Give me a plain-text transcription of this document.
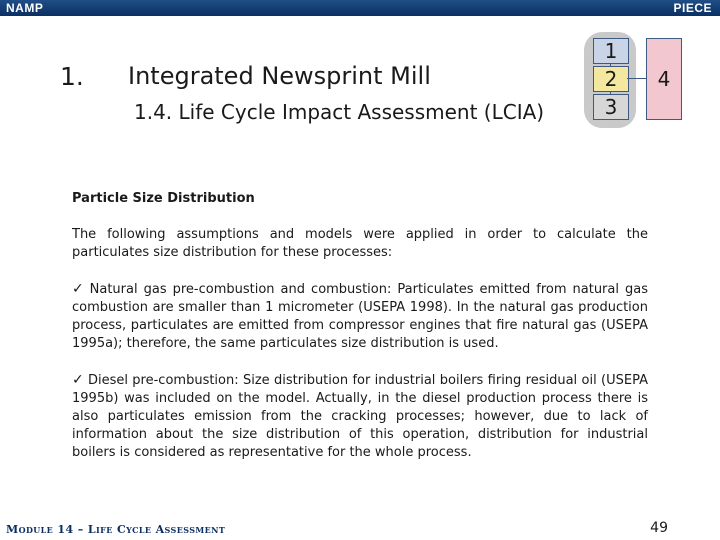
NAMP	PIECE
1. Integrated Newsprint Mill
1.4. Life Cycle Impact Assessment (LCIA)
1
2
3
4

Particle Size Distribution

The following assumptions and models were applied in order to calculate the particulates size distribution for these processes:

✓ Natural gas pre-combustion and combustion: Particulates emitted from natural gas combustion are smaller than 1 micrometer (USEPA 1998). In the natural gas production process, particulates are emitted from compressor engines that fire natural gas (USEPA 1995a); therefore, the same particulates size distribution is used.

✓ Diesel pre-combustion: Size distribution for industrial boilers firing residual oil (USEPA 1995b) was included on the model. Actually, in the diesel production process there is also particulates emission from the cracking processes; however, due to lack of information about the size distribution of this operation, distribution for industrial boilers is considered as representative for the whole process.

Module 14 – Life Cycle Assessment	49
